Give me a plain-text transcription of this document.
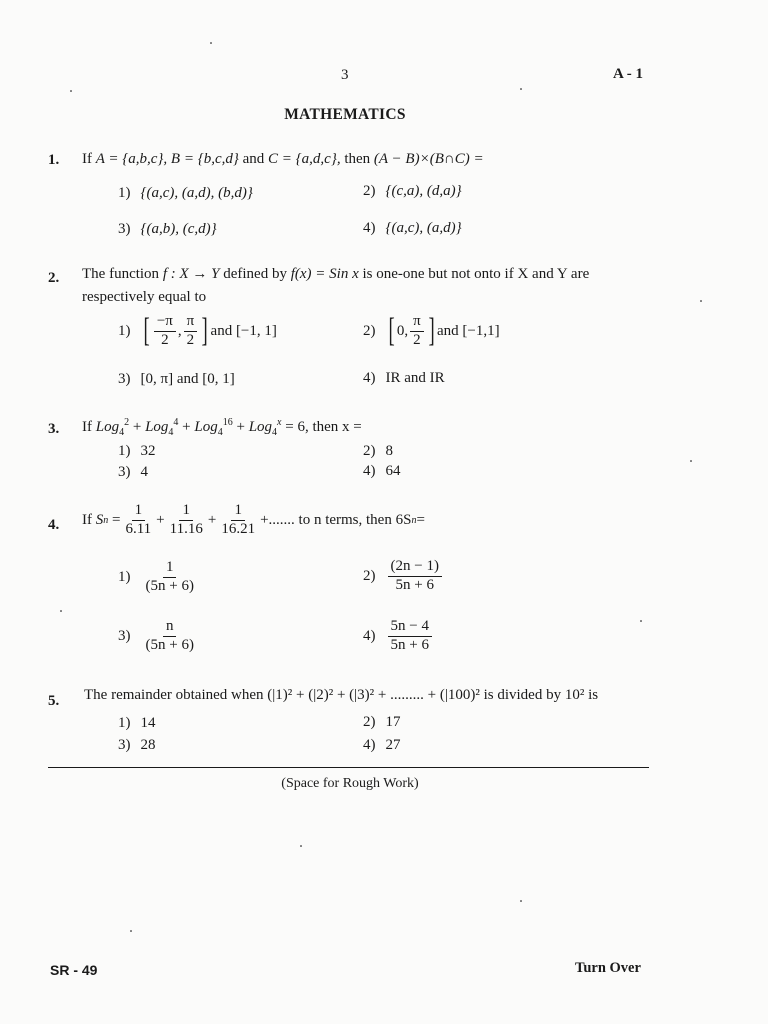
3	A - 1
MATHEMATICS
1. If A = {a,b,c}, B = {b,c,d} and C = {a,d,c}, then (A − B)×(B∩C) =
1) {(a,c), (a,d), (b,d)}	2) {(c,a), (d,a)}
3) {(a,b), (c,d)}	4) {(a,c), (a,d)}
2. The function f : X → Y defined by f(x) = Sin x is one-one but not onto if X and Y are
respectively equal to
1) [ $\frac{-\pi}{2}$ , $\frac{\pi}{2}$ ] and [−1, 1]	2) [ 0, $\frac{\pi}{2}$ ] and [−1,1]
3) [0, π] and [0, 1]	4) IR and IR
3. If Log$_4^2$ + Log$_4^4$ + Log$_4^{16}$ + Log$_4^x$ = 6, then x =
1) 32	2) 8
3) 4	4) 64
4. If
S n
= $\frac{1}{6.11} + \frac{1}{11.16} + \frac{1}{16.21}$ +....... to n terms, then 6S n =
$1) \frac{1}{(5n + 6)}$	$2) \frac{(2n - 1)}{5n + 6}$
$3) \frac{n}{(5n + 6)}$	$4) \frac{5n - 4}{5n + 6}$
5. The remainder obtained when (|1)² + (|2)² + (|3)² + ......... + (|100)² is divided by 10² is
1) 14	2) 17
3) 28	4) 27
(Space for Rough Work)
SR - 49	Turn Over
